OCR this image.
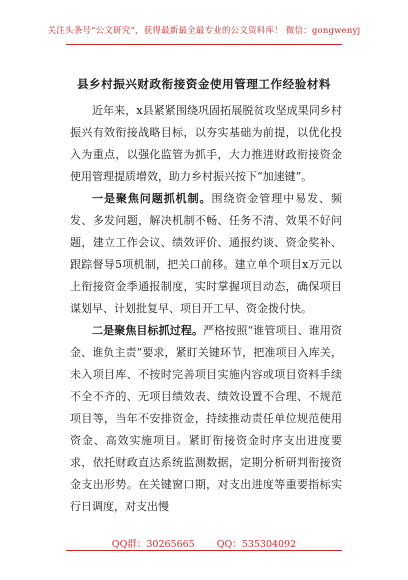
关注头条号“公文研究”，获得最新最全最专业的公文资料库！ 微信：gongwenyj
县乡村振兴财政衔接资金使用管理工作经验材料

近年来，x县紧紧围绕巩固拓展脱贫攻坚成果同乡村振兴有效衔接战略目标，以夯实基础为前提，以优化投入为重点，以强化监管为抓手，大力推进财政衔接资金使用管理提质增效，助力乡村振兴按下“加速键”。

一是聚焦问题抓机制。围绕资金管理中易发、频发、多发问题，解决机制不畅、任务不清、效果不好问题，建立工作会议、绩效评价、通报约谈、资金奖补、跟踪督导5项机制，把关口前移。建立单个项目x万元以上衔接资金季通报制度，实时掌握项目动态，确保项目谋划早、计划批复早、项目开工早、资金拨付快。

二是聚焦目标抓过程。严格按照“谁管项目、谁用资金、谁负主责”要求，紧盯关键环节，把准项目入库关，未入项目库、不按时完善项目实施内容或项目资料手续不全不齐的、无项目绩效表、绩效设置不合理、不规范项目等，当年不安排资金，持续推动责任单位规范使用资金、高效实施项目。紧盯衔接资金时序支出进度要求，依托财政直达系统监测数据，定期分析研判衔接资金支出形势。在关键窗口期，对支出进度等重要指标实行日调度，对支出慢

QQ群：30265665 QQ：535304092
